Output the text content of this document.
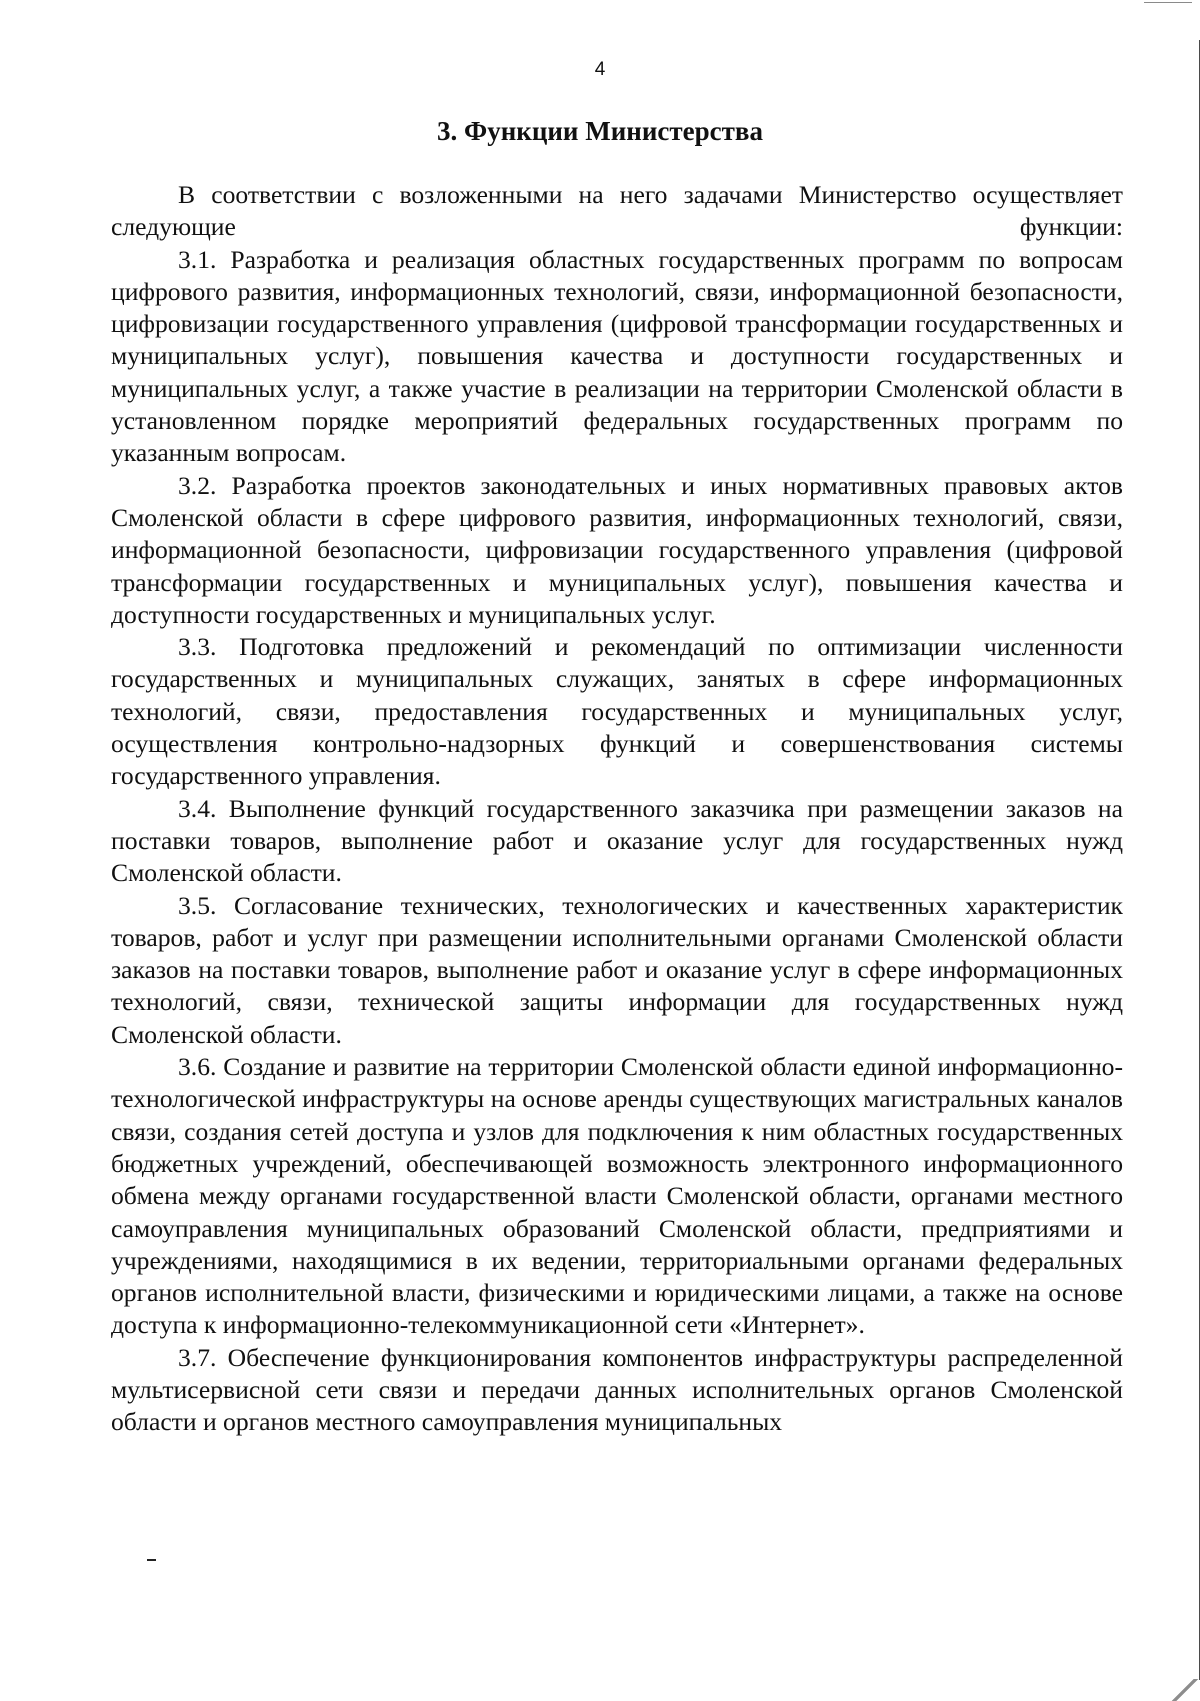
4
3. Функции Министерства

В соответствии с возложенными на него задачами Министерство осуществляет следующие функции:

3.1. Разработка и реализация областных государственных программ по вопросам цифрового развития, информационных технологий, связи, информационной безопасности, цифровизации государственного управления (цифровой трансформации государственных и муниципальных услуг), повышения качества и доступности государственных и муниципальных услуг, а также участие в реализации на территории Смоленской области в установленном порядке мероприятий федеральных государственных программ по указанным вопросам.

3.2. Разработка проектов законодательных и иных нормативных правовых актов Смоленской области в сфере цифрового развития, информационных технологий, связи, информационной безопасности, цифровизации государственного управления (цифровой трансформации государственных и муниципальных услуг), повышения качества и доступности государственных и муниципальных услуг.

3.3. Подготовка предложений и рекомендаций по оптимизации численности государственных и муниципальных служащих, занятых в сфере информационных технологий, связи, предоставления государственных и муниципальных услуг, осуществления контрольно-надзорных функций и совершенствования системы государственного управления.

3.4. Выполнение функций государственного заказчика при размещении заказов на поставки товаров, выполнение работ и оказание услуг для государственных нужд Смоленской области.

3.5. Согласование технических, технологических и качественных характеристик товаров, работ и услуг при размещении исполнительными органами Смоленской области заказов на поставки товаров, выполнение работ и оказание услуг в сфере информационных технологий, связи, технической защиты информации для государственных нужд Смоленской области.

3.6. Создание и развитие на территории Смоленской области единой информационно-технологической инфраструктуры на основе аренды существующих магистральных каналов связи, создания сетей доступа и узлов для подключения к ним областных государственных бюджетных учреждений, обеспечивающей возможность электронного информационного обмена между органами государственной власти Смоленской области, органами местного самоуправления муниципальных образований Смоленской области, предприятиями и учреждениями, находящимися в их ведении, территориальными органами федеральных органов исполнительной власти, физическими и юридическими лицами, а также на основе доступа к информационно-телекоммуникационной сети «Интернет».

3.7. Обеспечение функционирования компонентов инфраструктуры распределенной мультисервисной сети связи и передачи данных исполнительных органов Смоленской области и органов местного самоуправления муниципальных
